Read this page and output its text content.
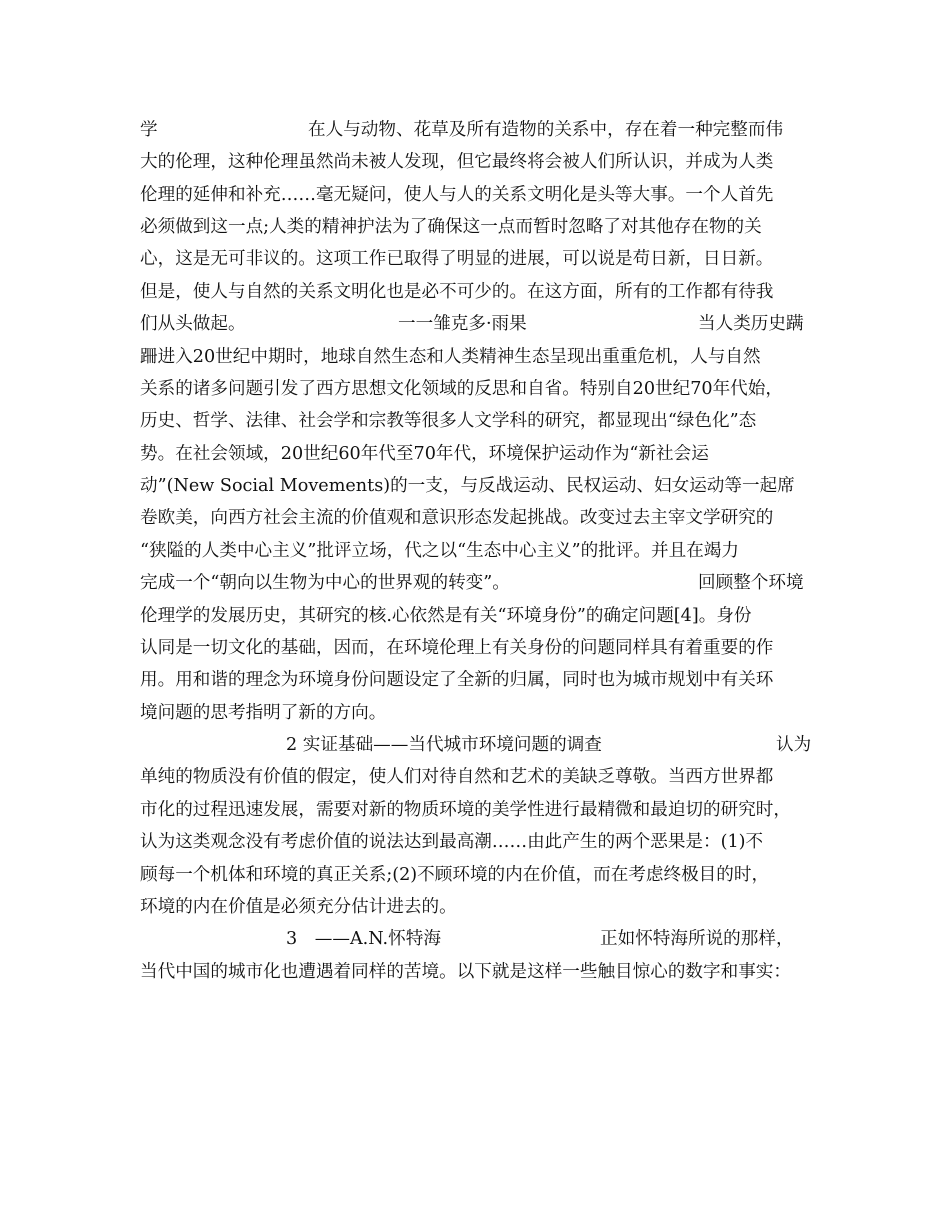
学	在人与动物、花草及所有造物的关系中，存在着一种完整而伟
大的伦理，这种伦理虽然尚未被人发现，但它最终将会被人们所认识，并成为人类
伦理的延伸和补充……毫无疑问，使人与人的关系文明化是头等大事。一个人首先
必须做到这一点;人类的精神护法为了确保这一点而暂时忽略了对其他存在物的关
心，这是无可非议的。这项工作已取得了明显的进展，可以说是苟日新，日日新。
但是，使人与自然的关系文明化也是必不可少的。在这方面，所有的工作都有待我
们从头做起。	一一雏克多·雨果	当人类历史蹒
跚进入20世纪中期时，地球自然生态和人类精神生态呈现出重重危机，人与自然
关系的诸多问题引发了西方思想文化领域的反思和自省。特别自20世纪70年代始，
历史、哲学、法律、社会学和宗教等很多人文学科的研究，都显现出“绿色化”态
势。在社会领域，20世纪60年代至70年代，环境保护运动作为“新社会运
动”(New Social Movements)的一支，与反战运动、民权运动、妇女运动等一起席
卷欧美，向西方社会主流的价值观和意识形态发起挑战。改变过去主宰文学研究的
“狭隘的人类中心主义”批评立场，代之以“生态中心主义”的批评。并且在竭力
完成一个“朝向以生物为中心的世界观的转变”。	回顾整个环境
伦理学的发展历史，其研究的核.心依然是有关“环境身份”的确定问题[4]。身份
认同是一切文化的基础，因而，在环境伦理上有关身份的问题同样具有着重要的作
用。用和谐的理念为环境身份问题设定了全新的归属，同时也为城市规划中有关环
境问题的思考指明了新的方向。
2 实证基础——当代城市环境问题的调查	认为
单纯的物质没有价值的假定，使人们对待自然和艺术的美缺乏尊敬。当西方世界都
市化的过程迅速发展，需要对新的物质环境的美学性进行最精微和最迫切的研究时，
认为这类观念没有考虑价值的说法达到最高潮……由此产生的两个恶果是：(1)不
顾每一个机体和环境的真正关系;(2)不顾环境的内在价值，而在考虑终极目的时，
环境的内在价值是必须充分估计进去的。
3　——A.N.怀特海	正如怀特海所说的那样，
当代中国的城市化也遭遇着同样的苦境。以下就是这样一些触目惊心的数字和事实：
